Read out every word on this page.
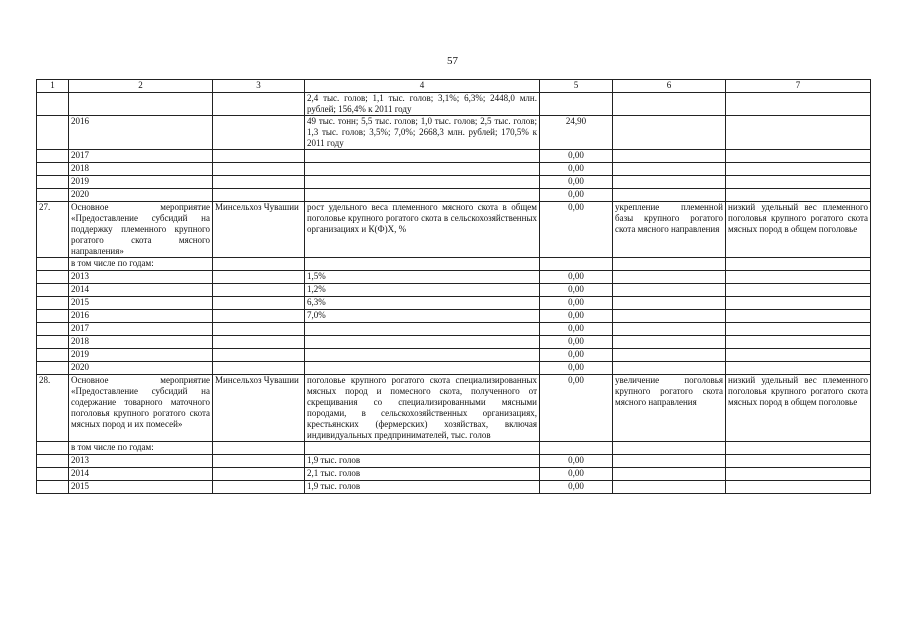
57
1	2	3	4	5	6	7
			2,4 тыс. голов; 1,1 тыс. голов; 3,1%; 6,3%; 2448,0 млн. рублей; 156,4% к 2011 году			
	2016		49 тыс. тонн; 5,5 тыс. голов; 1,0 тыс. голов; 2,5 тыс. голов; 1,3 тыс. голов; 3,5%; 7,0%; 2668,3 млн. рублей; 170,5% к 2011 году	24,90		
	2017			0,00		
	2018			0,00		
	2019			0,00		
	2020			0,00		
27.	Основное мероприятие «Предоставление субсидий на поддержку племенного крупного рогатого скота мясного направления»	Минсельхоз Чувашии	рост удельного веса племенного мясного скота в общем поголовье крупного рогатого скота в сельскохозяйственных организациях и К(Ф)Х, %	0,00	укрепление племенной базы крупного рогатого скота мясного направления	низкий удельный вес племенного поголовья крупного рогатого скота мясных пород в общем поголовье
	в том числе по годам:					
	2013		1,5%	0,00		
	2014		1,2%	0,00		
	2015		6,3%	0,00		
	2016		7,0%	0,00		
	2017			0,00		
	2018			0,00		
	2019			0,00		
	2020			0,00		
28.	Основное мероприятие «Предоставление субсидий на содержание товарного маточного поголовья крупного рогатого скота мясных пород и их помесей»	Минсельхоз Чувашии	поголовье крупного рогатого скота специализированных мясных пород и помесного скота, полученного от скрещивания со специализированными мясными породами, в сельскохозяйственных организациях, крестьянских (фермерских) хозяйствах, включая индивидуальных предпринимателей, тыс. голов	0,00	увеличение поголовья крупного рогатого скота мясного направления	низкий удельный вес племенного поголовья крупного рогатого скота мясных пород в общем поголовье
	в том числе по годам:					
	2013		1,9 тыс. голов	0,00		
	2014		2,1 тыс. голов	0,00		
	2015		1,9 тыс. голов	0,00		
